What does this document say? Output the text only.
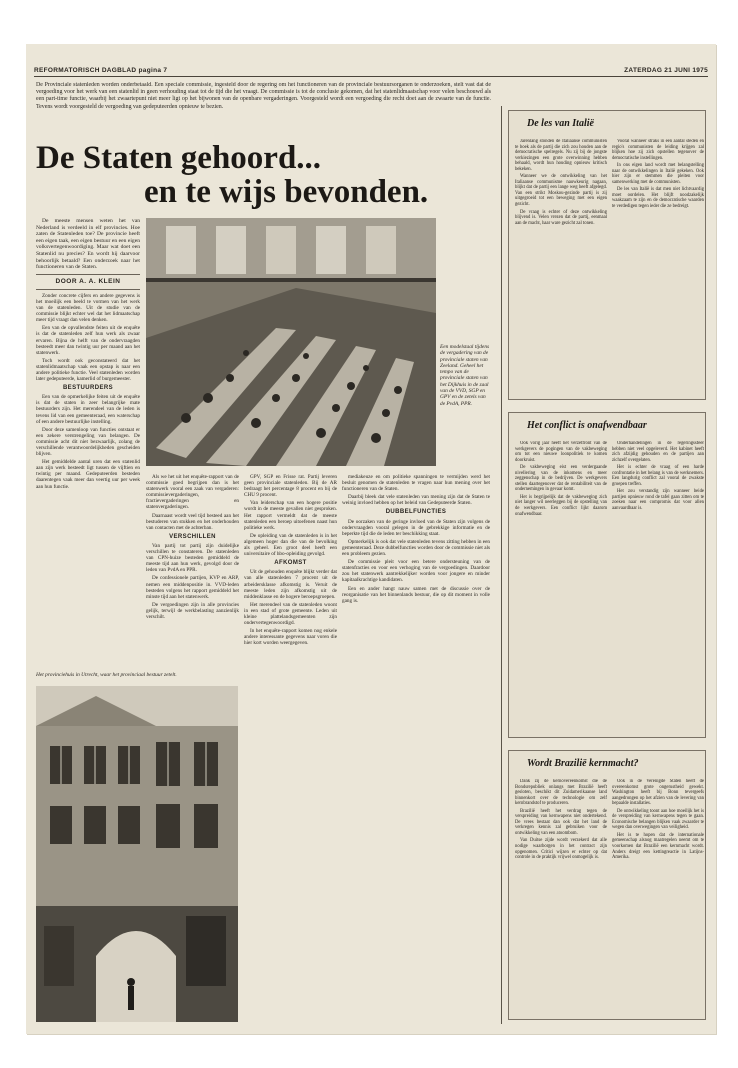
REFORMATORISCH DAGBLAD pagina 7	ZATERDAG 21 JUNI 1975
De Provinciale statenleden worden onderbetaald. Een speciale commissie, ingesteld door de regering om het functioneren van de provinciale bestuursorganen te onderzoeken, stelt vast dat de vergoeding voor het werk van een statenlid in geen verhouding staat tot de tijd die het vraagt. De commissie is tot de conclusie gekomen, dat het statenlidmaatschap voor velen beschouwd als een part-time functie, waarbij het zwaartepunt niet meer ligt op het bijwonen van de openbare vergaderingen. Voorgesteld wordt een vergoeding die recht doet aan de zwaarte van de functie. Tevens wordt voorgesteld de vergoeding van gedeputeerden opnieuw te bezien.
De Staten gehoord...
en te wijs bevonden.

De meeste mensen weten het van Nederland is verdeeld in elf provincies. Hoe zaten de Statenleden toe? De provincie heeft een eigen taak, een eigen bestuur en een eigen volksvertegenwoordiging. Maar wat doet een Statenlid nu precies? En wordt hij daarvoor behoorlijk betaald? Een onderzoek naar het functioneren van de Staten.

DOOR A. A. KLEIN

Zonder concrete cijfers en andere gegevens is het moeilijk een beeld te vormen van het werk van de statenleden. Uit de studie van de commissie blijkt echter wel dat het lidmaatschap meer tijd vraagt dan velen denken.

Een van de opvallendste feiten uit de enquête is dat de statenleden zelf hun werk als zwaar ervaren. Bijna de helft van de ondervraagden besteedt meer dan twintig uur per maand aan het statenwerk.

Toch wordt ook geconstateerd dat het statenlidmaatschap vaak een opstap is naar een andere politieke functie. Veel statenleden worden later gedeputeerde, kamerlid of burgemeester.

BESTUURDERS

Een van de opmerkelijke feiten uit de enquête is dat de staten in zeer belangrijke mate bestuurders zijn. Het merendeel van de leden is tevens lid van een gemeenteraad, een waterschap of een andere bestuurlijke instelling.

Door deze samenloop van functies ontstaat er een zekere verstrengeling van belangen. De commissie acht dit niet bezwaarlijk, zolang de verschillende verantwoordelijkheden gescheiden blijven.

Het gemiddelde aantal uren dat een statenlid aan zijn werk besteedt ligt tussen de vijftien en twintig per maand. Gedeputeerden besteden daarentegen vaak meer dan veertig uur per week aan hun functie.

Een modelstaal tijdens de vergadering van de provinciale staten van Zeeland. Geheel het tempo van de provinciale staten van het Dijkhuis in de zaal van de VVD, SGP en GPV en de zetels van de PvdA, PPR.

Als we het uit het enquête-rapport van de commissie goed begrijpen dan is het statenwerk vooral een zaak van vergaderen: commissievergaderingen, fractievergaderingen en statenvergaderingen.

Daarnaast wordt veel tijd besteed aan het bestuderen van stukken en het onderhouden van contacten met de achterban.

VERSCHILLEN

Van partij tot partij zijn duidelijke verschillen te constateren. De statenleden van CPN-huize besteden gemiddeld de meeste tijd aan hun werk, gevolgd door de leden van PvdA en PPR.

De confessionele partijen, KVP en ARP, nemen een middenpositie in. VVD-leden besteden volgens het rapport gemiddeld het minste tijd aan het statenwerk.

De vergoedingen zijn in alle provincies gelijk, terwijl de werkbelasting aanzienlijk verschilt.

GPV, SGP en Frisse rat. Partij leveren geen provinciale statenleden. Bij de AR bedraagt het percentage 8 procent en bij de CHU 9 procent.

Van leiderschap van een hogere positie wordt in de meeste gevallen niet gesproken. Het rapport vermeldt dat de meeste statenleden een beroep uitoefenen naast hun politieke werk.

De opleiding van de statenleden is in het algemeen hoger dan die van de bevolking als geheel. Een groot deel heeft een universitaire of hbo-opleiding gevolgd.

AFKOMST

Uit de gehouden enquête blijkt verder dat van alle statenleden 7 procent uit de arbeidersklasse afkomstig is. Veruit de meeste leden zijn afkomstig uit de middenklasse en de hogere beroepsgroepen.

Het merendeel van de statenleden woont in een stad of grote gemeente. Leden uit kleine plattelandsgemeenten zijn ondervertegenwoordigd.

In het enquête-rapport komen nog enkele andere interessante gegevens naar voren die hier kort worden weergegeven.

mediakeuze en om politieke spanningen te vermijden werd het besluit genomen de statenleden te vragen naar hun mening over het functioneren van de Staten.

Daarbij bleek dat vele statenleden van mening zijn dat de Staten te weinig invloed hebben op het beleid van Gedeputeerde Staten.

DUBBELFUNCTIES

De oorzaken van de geringe invloed van de Staten zijn volgens de ondervraagden vooral gelegen in de gebrekkige informatie en de beperkte tijd die de leden ter beschikking staat.

Opmerkelijk is ook dat vele statenleden tevens zitting hebben in een gemeenteraad. Deze dubbelfuncties worden door de commissie niet als een probleem gezien.

De commissie pleit voor een betere ondersteuning van de statenfracties en voor een verhoging van de vergoedingen. Daardoor zou het statenwerk aantrekkelijker worden voor jongere en minder kapitaalkrachtige kandidaten.

Een en ander hangt nauw samen met de discussie over de reorganisatie van het binnenlands bestuur, die op dit moment in volle gang is.

Het provinciehuis in Utrecht, waar het provinciaal bestuur zetelt.
De les van Italië

Jarenlang stonden de Italiaanse communisten te boek als de partij die zich zou houden aan de democratische spelregels. Nu zij bij de jongste verkiezingen een grote overwinning hebben behaald, wordt hun houding opnieuw kritisch bekeken.

Wanneer we de ontwikkeling van het Italiaanse communisme nauwkeurig nagaan, blijkt dat de partij een lange weg heeft afgelegd. Van een strikt Moskou-gezinde partij is zij uitgegroeid tot een beweging met een eigen gezicht.

De vraag is echter of deze ontwikkeling blijvend is. Velen vrezen dat de partij, eenmaal aan de macht, haar ware gezicht zal tonen.

Vooral wanneer straks in een aantal steden en regio's communisten de leiding krijgen zal blijken hoe zij zich opstellen tegenover de democratische instellingen.

In ons eigen land wordt met belangstelling naar de ontwikkelingen in Italië gekeken. Ook hier zijn er stemmen die pleiten voor samenwerking met de communisten.

De les van Italië is dat men niet lichtvaardig moet oordelen. Het blijft noodzakelijk waakzaam te zijn en de democratische waarden te verdedigen tegen ieder die ze bedreigt.

Het conflict is onafwendbaar

Ook vorig jaar heeft het verzetfront van de werkgevers de pogingen van de vakbeweging om tot een nieuwe loonpolitiek te komen doorkruist.

De vakbeweging eist een verdergaande nivellering van de inkomens en meer zeggenschap in de bedrijven. De werkgevers stellen daartegenover dat de rentabiliteit van de ondernemingen in gevaar komt.

Het is begrijpelijk dat de vakbeweging zich niet langer wil neerleggen bij de opstelling van de werkgevers. Een conflict lijkt daarom onafwendbaar.

Onderhandelingen in de regeringssfeer hebben niet veel opgeleverd. Het kabinet heeft zich afzijdig gehouden en de partijen aan zichzelf overgelaten.

Het is echter de vraag of een harde confrontatie in het belang is van de werknemers. Een langdurig conflict zal vooral de zwakste groepen treffen.

Het zou verstandig zijn wanneer beide partijen opnieuw rond de tafel gaan zitten om te zoeken naar een compromis dat voor allen aanvaardbaar is.

Wordt Brazilië kernmacht?

Dank zij de kernovereenkomst die de Bondsrepubliek onlangs met Brazilië heeft gesloten, beschikt dit Zuidamerikaanse land binnenkort over de technologie om zelf kernbrandstof te produceren.

Brazilië heeft het verdrag tegen de verspreiding van kernwapens niet ondertekend. De vrees bestaat dan ook dat het land de verkregen kennis zal gebruiken voor de ontwikkeling van een atoombom.

Van Duitse zijde wordt verzekerd dat alle nodige waarborgen in het contract zijn opgenomen. Critici wijzen er echter op dat controle in de praktijk vrijwel onmogelijk is.

Ook in de Verenigde Staten heeft de overeenkomst grote ongerustheid gewekt. Washington heeft bij Bonn tevergeefs aangedrongen op het afzien van de levering van bepaalde installaties.

De ontwikkeling toont aan hoe moeilijk het is de verspreiding van kernwapens tegen te gaan. Economische belangen blijken vaak zwaarder te wegen dan overwegingen van veiligheid.

Het is te hopen dat de internationale gemeenschap alsnog maatregelen neemt om te voorkomen dat Brazilië een kernmacht wordt. Anders dreigt een kettingreactie in Latijns-Amerika.
